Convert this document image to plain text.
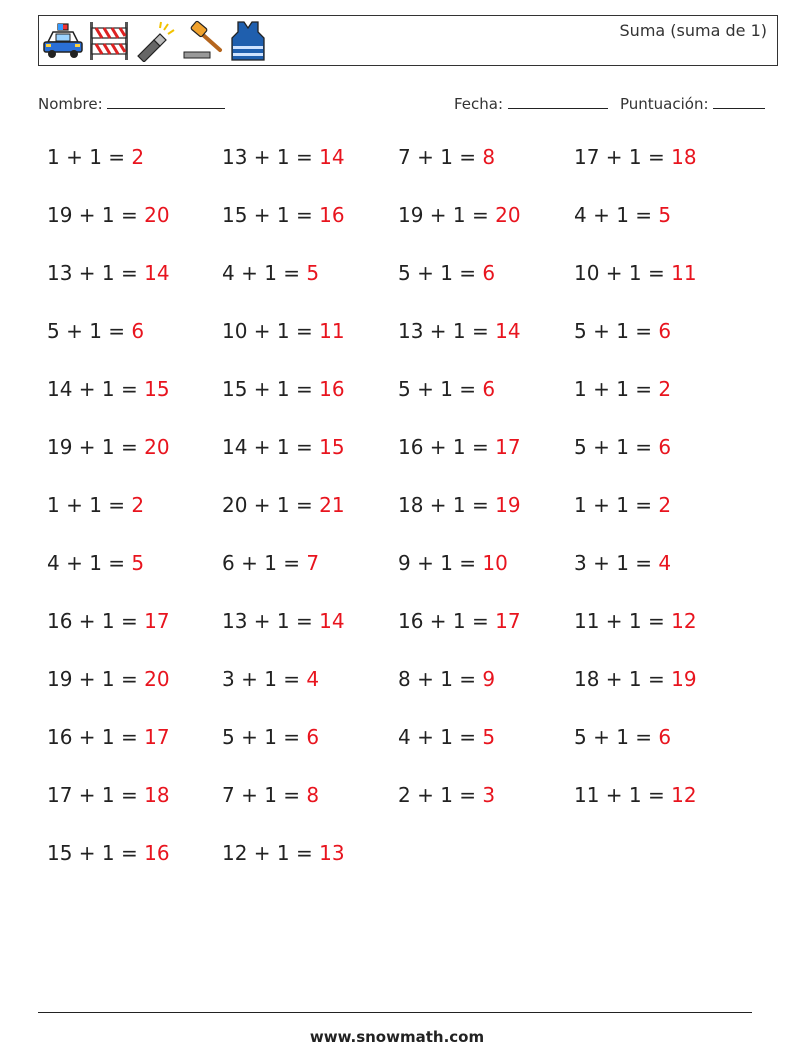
Suma (suma de 1)
Nombre:	Fecha:	Puntuación:
1 + 1 = 2	13 + 1 = 14	7 + 1 = 8	17 + 1 = 18
19 + 1 = 20	15 + 1 = 16	19 + 1 = 20	4 + 1 = 5
13 + 1 = 14	4 + 1 = 5	5 + 1 = 6	10 + 1 = 11
5 + 1 = 6	10 + 1 = 11	13 + 1 = 14	5 + 1 = 6
14 + 1 = 15	15 + 1 = 16	5 + 1 = 6	1 + 1 = 2
19 + 1 = 20	14 + 1 = 15	16 + 1 = 17	5 + 1 = 6
1 + 1 = 2	20 + 1 = 21	18 + 1 = 19	1 + 1 = 2
4 + 1 = 5	6 + 1 = 7	9 + 1 = 10	3 + 1 = 4
16 + 1 = 17	13 + 1 = 14	16 + 1 = 17	11 + 1 = 12
19 + 1 = 20	3 + 1 = 4	8 + 1 = 9	18 + 1 = 19
16 + 1 = 17	5 + 1 = 6	4 + 1 = 5	5 + 1 = 6
17 + 1 = 18	7 + 1 = 8	2 + 1 = 3	11 + 1 = 12
15 + 1 = 16	12 + 1 = 13
www.snowmath.com
